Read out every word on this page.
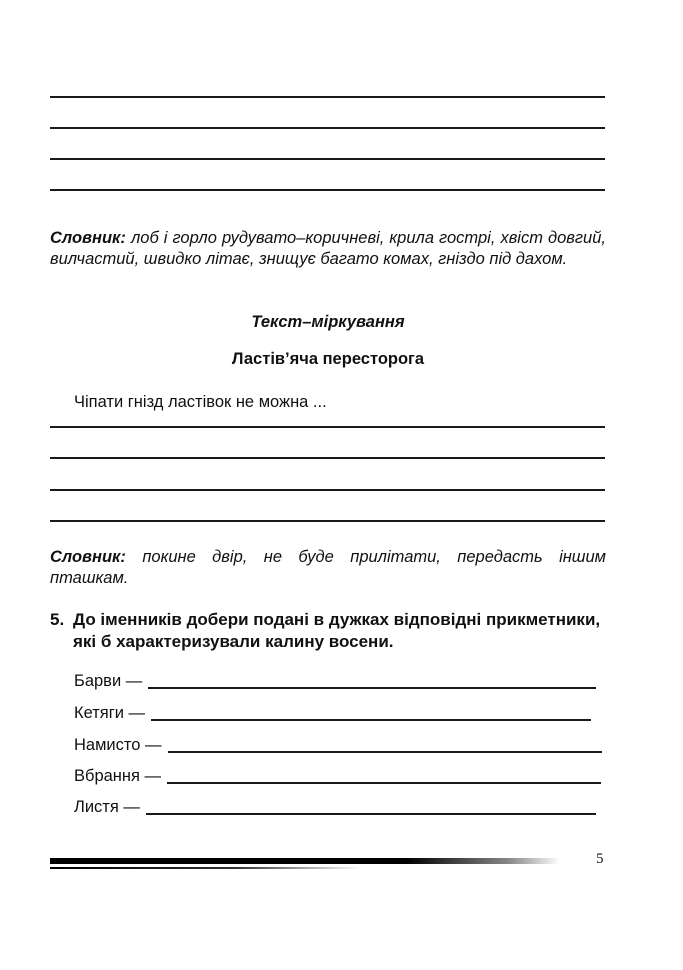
Словник: лоб і горло рудувато–коричневі, крила гострі, хвіст довгий, вилчастий, швидко літає, знищує багато комах, гніздо під дахом.
Текст–міркування
Ластів’яча пересторога
Чіпати гнізд ластівок не можна ...
Словник: покине двір, не буде прилітати, передасть іншим пташкам.
5. До іменників добери подані в дужках відповідні прикметники, які б характеризували калину восени.
Барви —
Кетяги —
Намисто —
Вбрання —
Листя —
5
